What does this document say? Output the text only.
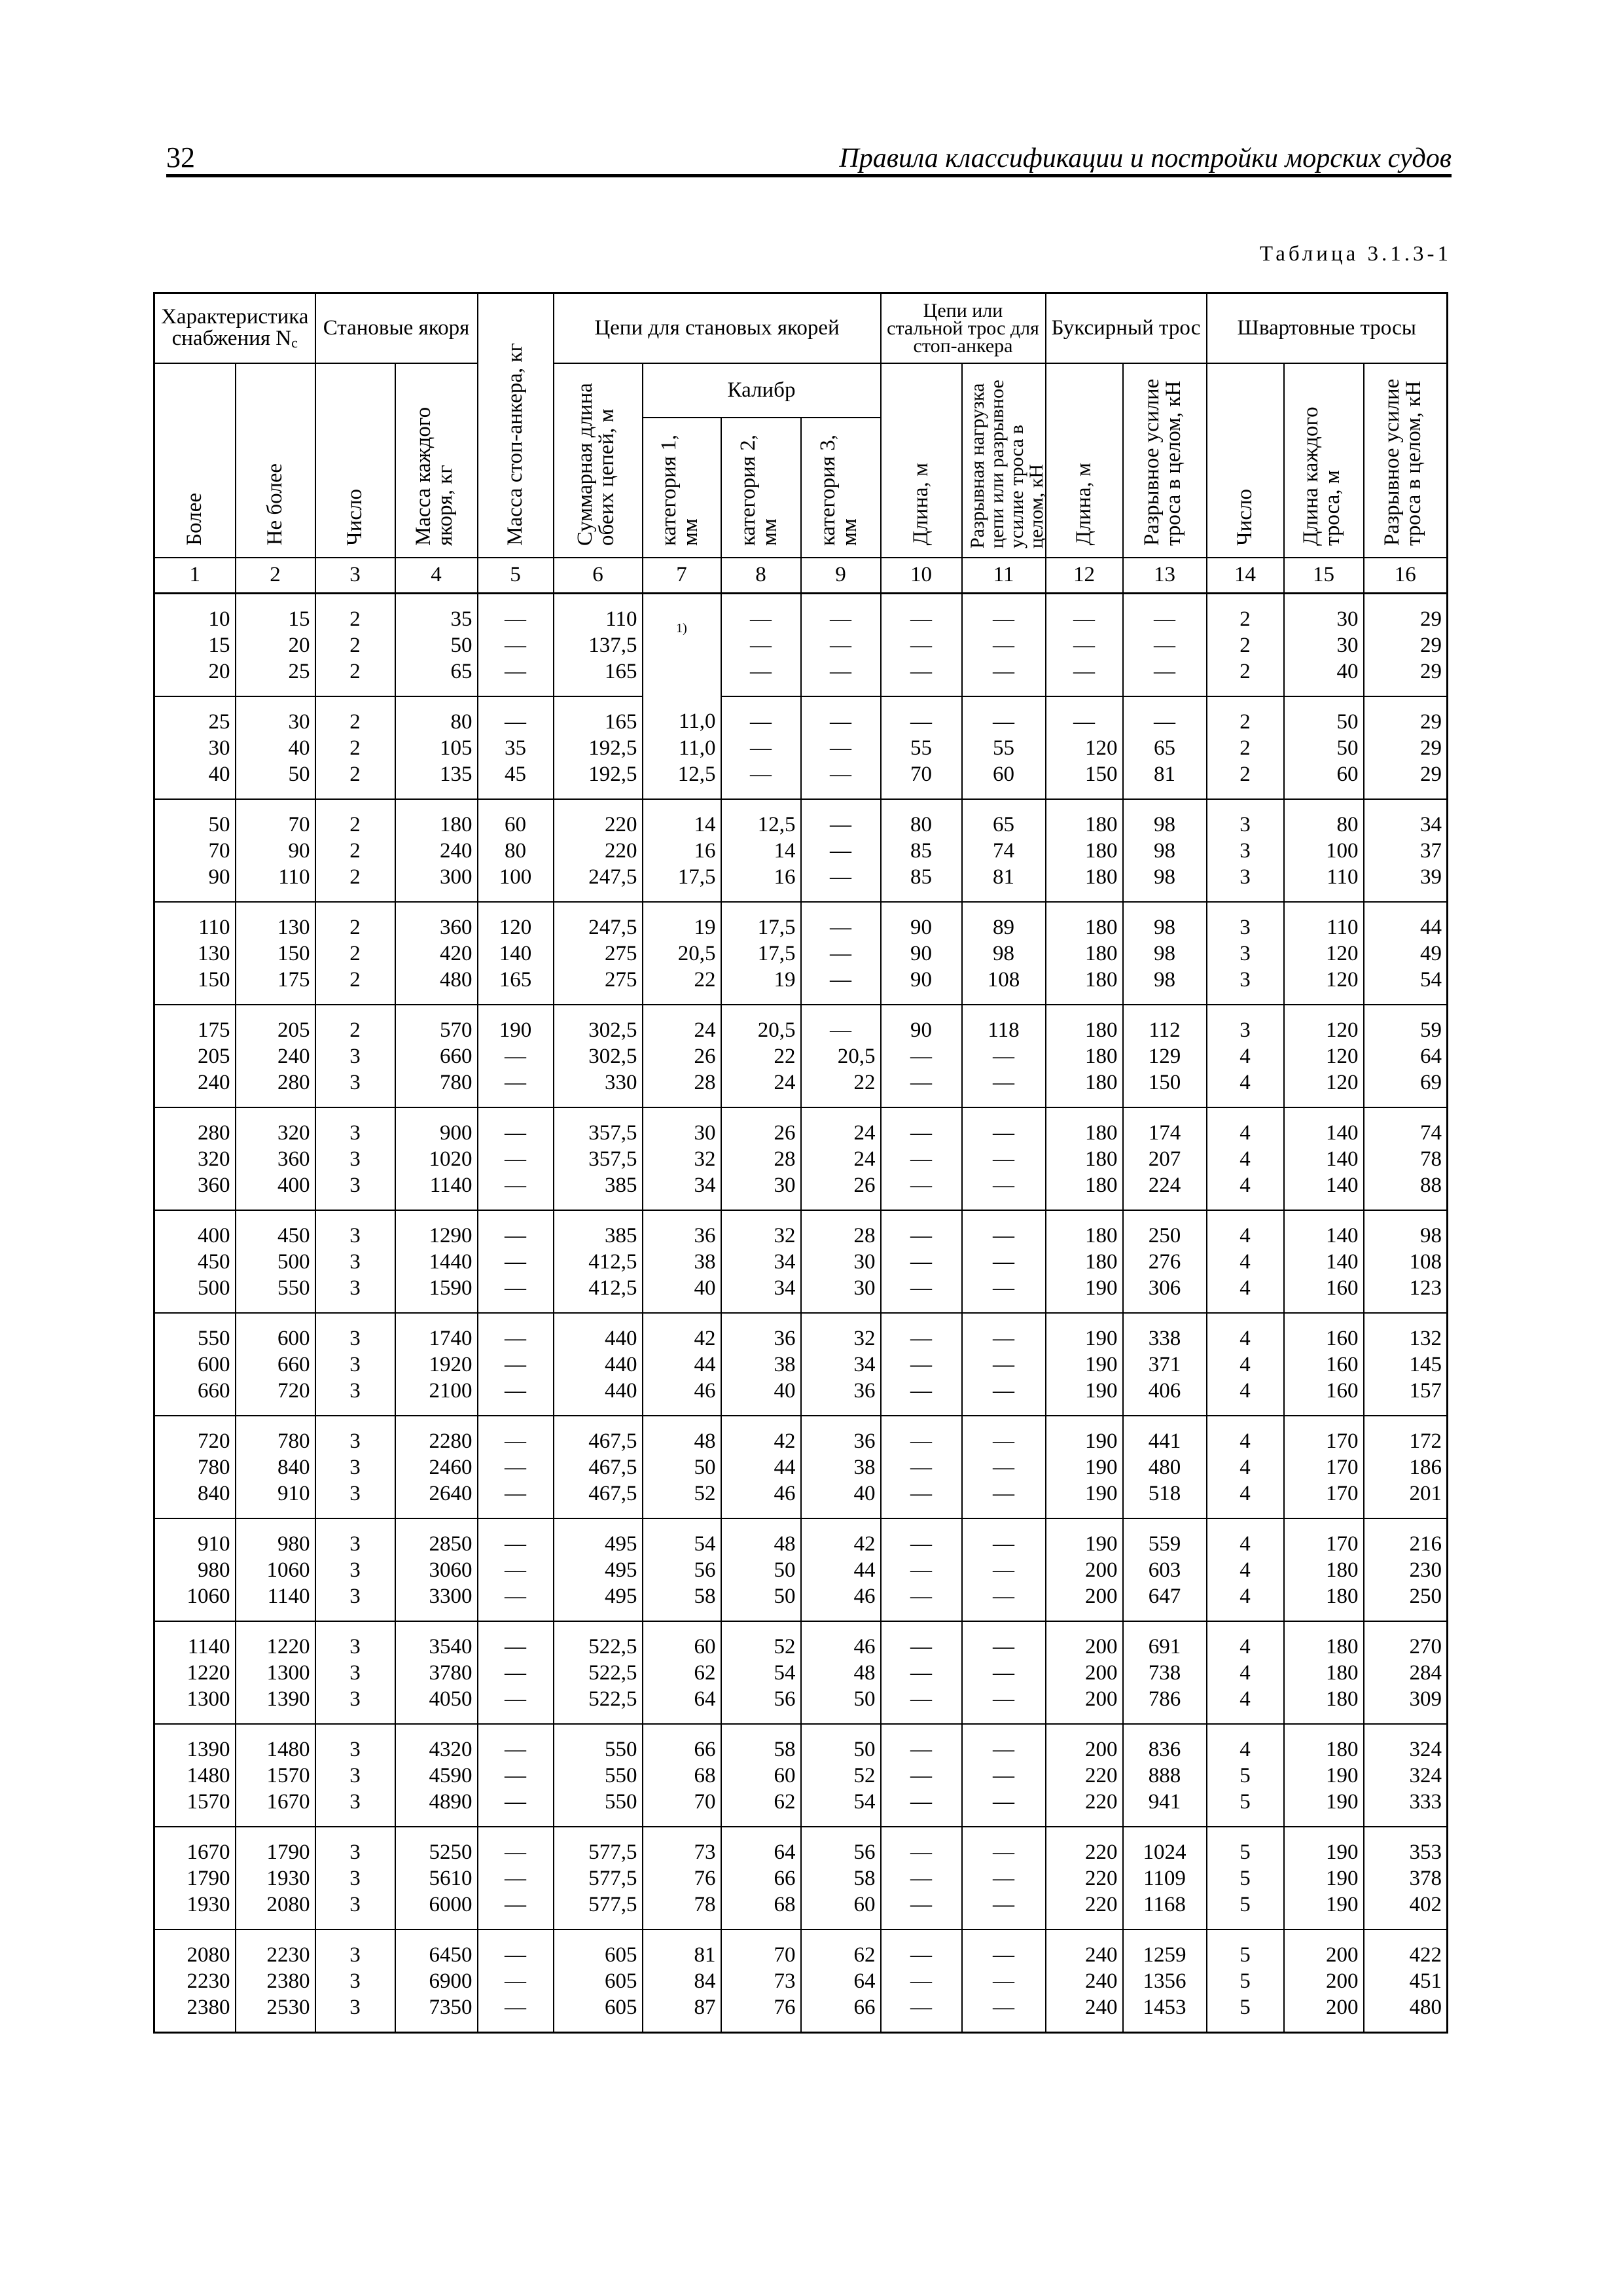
32	Правила классификации и постройки морских судов
Таблица 3.1.3-1
Характеристика снабжения Nc		Становые якоря		Масса стоп-анкера, кг	Цепи для становых якорей				Цепи или стальной трос для стоп-анкера		Буксирный трос		Швартовные тросы		
Более	Не более	Число	Масса каждого якоря, кг		Суммарная длина обеих цепей, м	Калибр			Длина, м	Разрывная нагрузка цепи или разрывное усилие троса в целом, кН	Длина, м	Разрывное усилие троса в целом, кН	Число	Длина каждого троса, м	Разрывное усилие троса в целом, кН
						категория 1, мм	категория 2, мм	категория 3, мм							
1	2	3	4	5	6	7	8	9	10	11	12	13	14	15	16
10	15	2	35	—	110	$^{1)}$	—	—	—	—	—	—	2	30	29
15	20	2	50	—	137,5		—	—	—	—	—	—	2	30	29
20	25	2	65	—	165		—	—	—	—	—	—	2	40	29
25	30	2	80	—	165	11,0	—	—	—	—	—	—	2	50	29
30	40	2	105	35	192,5	11,0	—	—	55	55	120	65	2	50	29
40	50	2	135	45	192,5	12,5	—	—	70	60	150	81	2	60	29
50	70	2	180	60	220	14	12,5	—	80	65	180	98	3	80	34
70	90	2	240	80	220	16	14	—	85	74	180	98	3	100	37
90	110	2	300	100	247,5	17,5	16	—	85	81	180	98	3	110	39
110	130	2	360	120	247,5	19	17,5	—	90	89	180	98	3	110	44
130	150	2	420	140	275	20,5	17,5	—	90	98	180	98	3	120	49
150	175	2	480	165	275	22	19	—	90	108	180	98	3	120	54
175	205	2	570	190	302,5	24	20,5	—	90	118	180	112	3	120	59
205	240	3	660	—	302,5	26	22	20,5	—	—	180	129	4	120	64
240	280	3	780	—	330	28	24	22	—	—	180	150	4	120	69
280	320	3	900	—	357,5	30	26	24	—	—	180	174	4	140	74
320	360	3	1020	—	357,5	32	28	24	—	—	180	207	4	140	78
360	400	3	1140	—	385	34	30	26	—	—	180	224	4	140	88
400	450	3	1290	—	385	36	32	28	—	—	180	250	4	140	98
450	500	3	1440	—	412,5	38	34	30	—	—	180	276	4	140	108
500	550	3	1590	—	412,5	40	34	30	—	—	190	306	4	160	123
550	600	3	1740	—	440	42	36	32	—	—	190	338	4	160	132
600	660	3	1920	—	440	44	38	34	—	—	190	371	4	160	145
660	720	3	2100	—	440	46	40	36	—	—	190	406	4	160	157
720	780	3	2280	—	467,5	48	42	36	—	—	190	441	4	170	172
780	840	3	2460	—	467,5	50	44	38	—	—	190	480	4	170	186
840	910	3	2640	—	467,5	52	46	40	—	—	190	518	4	170	201
910	980	3	2850	—	495	54	48	42	—	—	190	559	4	170	216
980	1060	3	3060	—	495	56	50	44	—	—	200	603	4	180	230
1060	1140	3	3300	—	495	58	50	46	—	—	200	647	4	180	250
1140	1220	3	3540	—	522,5	60	52	46	—	—	200	691	4	180	270
1220	1300	3	3780	—	522,5	62	54	48	—	—	200	738	4	180	284
1300	1390	3	4050	—	522,5	64	56	50	—	—	200	786	4	180	309
1390	1480	3	4320	—	550	66	58	50	—	—	200	836	4	180	324
1480	1570	3	4590	—	550	68	60	52	—	—	220	888	5	190	324
1570	1670	3	4890	—	550	70	62	54	—	—	220	941	5	190	333
1670	1790	3	5250	—	577,5	73	64	56	—	—	220	1024	5	190	353
1790	1930	3	5610	—	577,5	76	66	58	—	—	220	1109	5	190	378
1930	2080	3	6000	—	577,5	78	68	60	—	—	220	1168	5	190	402
2080	2230	3	6450	—	605	81	70	62	—	—	240	1259	5	200	422
2230	2380	3	6900	—	605	84	73	64	—	—	240	1356	5	200	451
2380	2530	3	7350	—	605	87	76	66	—	—	240	1453	5	200	480
